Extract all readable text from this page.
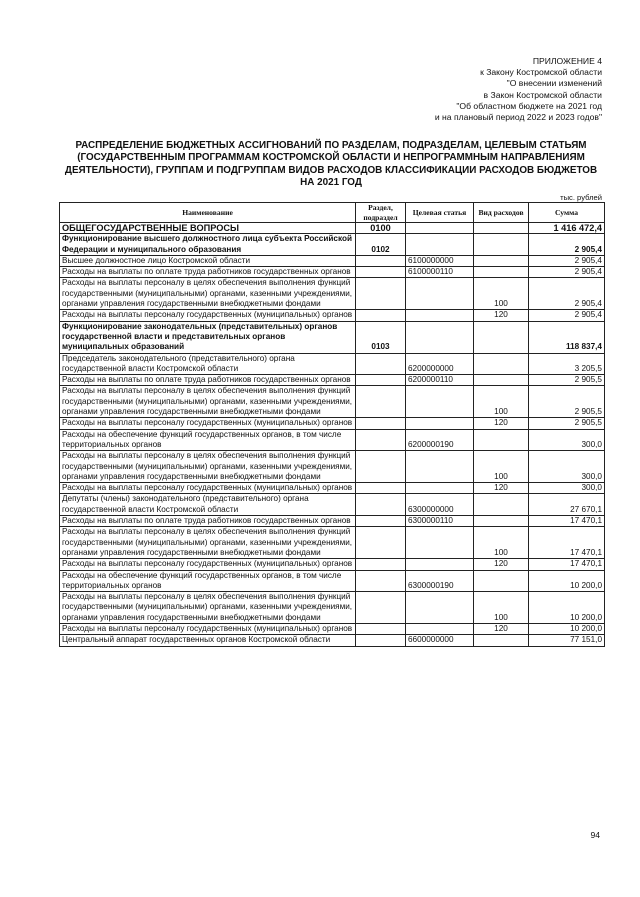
ПРИЛОЖЕНИЕ 4
к Закону Костромской области
"О внесении изменений
в Закон Костромской области
"Об областном бюджете на 2021 год
и на плановый период 2022 и 2023 годов"
РАСПРЕДЕЛЕНИЕ БЮДЖЕТНЫХ АССИГНОВАНИЙ ПО РАЗДЕЛАМ, ПОДРАЗДЕЛАМ, ЦЕЛЕВЫМ СТАТЬЯМ (ГОСУДАРСТВЕННЫМ ПРОГРАММАМ КОСТРОМСКОЙ ОБЛАСТИ И НЕПРОГРАММНЫМ НАПРАВЛЕНИЯМ ДЕЯТЕЛЬНОСТИ), ГРУППАМ И ПОДГРУППАМ ВИДОВ РАСХОДОВ КЛАССИФИКАЦИИ РАСХОДОВ БЮДЖЕТОВ НА 2021 ГОД
тыс. рублей
Наименование	Раздел, подраздел	Целевая статья	Вид расходов	Сумма
ОБЩЕГОСУДАРСТВЕННЫЕ ВОПРОСЫ	0100			1 416 472,4
Функционирование высшего должностного лица субъекта Российской Федерации и муниципального образования	0102			2 905,4
Высшее должностное лицо Костромской области		6100000000		2 905,4
Расходы на выплаты по оплате труда работников государственных органов		6100000110		2 905,4
Расходы на выплаты персоналу в целях обеспечения выполнения функций государственными (муниципальными) органами, казенными учреждениями, органами управления государственными внебюджетными фондами			100	2 905,4
Расходы на выплаты персоналу государственных (муниципальных) органов			120	2 905,4
Функционирование законодательных (представительных) органов государственной власти и представительных органов муниципальных образований	0103			118 837,4
Председатель законодательного (представительного) органа государственной власти Костромской области		6200000000		3 205,5
Расходы на выплаты по оплате труда работников государственных органов		6200000110		2 905,5
Расходы на выплаты персоналу в целях обеспечения выполнения функций государственными (муниципальными) органами, казенными учреждениями, органами управления государственными внебюджетными фондами			100	2 905,5
Расходы на выплаты персоналу государственных (муниципальных) органов			120	2 905,5
Расходы на обеспечение функций государственных органов, в том числе территориальных органов		6200000190		300,0
Расходы на выплаты персоналу в целях обеспечения выполнения функций государственными (муниципальными) органами, казенными учреждениями, органами управления государственными внебюджетными фондами			100	300,0
Расходы на выплаты персоналу государственных (муниципальных) органов			120	300,0
Депутаты (члены) законодательного (представительного) органа государственной власти Костромской области		6300000000		27 670,1
Расходы на выплаты по оплате труда работников государственных органов		6300000110		17 470,1
Расходы на выплаты персоналу в целях обеспечения выполнения функций государственными (муниципальными) органами, казенными учреждениями, органами управления государственными внебюджетными фондами			100	17 470,1
Расходы на выплаты персоналу государственных (муниципальных) органов			120	17 470,1
Расходы на обеспечение функций государственных органов, в том числе территориальных органов		6300000190		10 200,0
Расходы на выплаты персоналу в целях обеспечения выполнения функций государственными (муниципальными) органами, казенными учреждениями, органами управления государственными внебюджетными фондами			100	10 200,0
Расходы на выплаты персоналу государственных (муниципальных) органов			120	10 200,0
Центральный аппарат государственных органов Костромской области		6600000000		77 151,0
94
